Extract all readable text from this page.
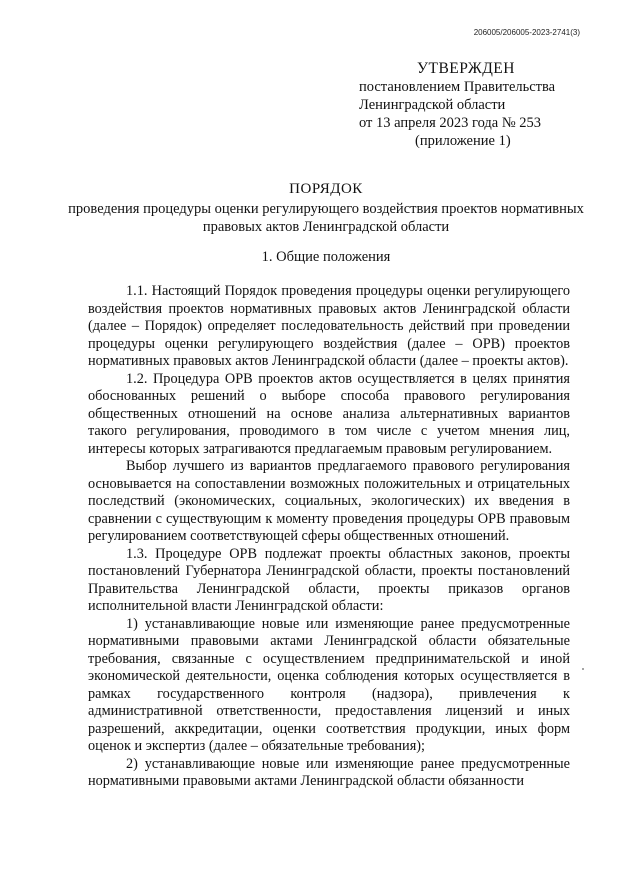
206005/206005-2023-2741(3)
УТВЕРЖДЕН
постановлением Правительства
Ленинградской области
от 13 апреля 2023 года № 253
(приложение 1)
ПОРЯДОК
проведения процедуры оценки регулирующего воздействия проектов нормативных правовых актов Ленинградской области
1. Общие положения

1.1. Настоящий Порядок проведения процедуры оценки регулирующего воздействия проектов нормативных правовых актов Ленинградской области (далее – Порядок) определяет последовательность действий при проведении процедуры оценки регулирующего воздействия (далее – ОРВ) проектов нормативных правовых актов Ленинградской области (далее – проекты актов).

1.2. Процедура ОРВ проектов актов осуществляется в целях принятия обоснованных решений о выборе способа правового регулирования общественных отношений на основе анализа альтернативных вариантов такого регулирования, проводимого в том числе с учетом мнения лиц, интересы которых затрагиваются предлагаемым правовым регулированием.

Выбор лучшего из вариантов предлагаемого правового регулирования основывается на сопоставлении возможных положительных и отрицательных последствий (экономических, социальных, экологических) их введения в сравнении с существующим к моменту проведения процедуры ОРВ правовым регулированием соответствующей сферы общественных отношений.

1.3. Процедуре ОРВ подлежат проекты областных законов, проекты постановлений Губернатора Ленинградской области, проекты постановлений Правительства Ленинградской области, проекты приказов органов исполнительной власти Ленинградской области:

1) устанавливающие новые или изменяющие ранее предусмотренные нормативными правовыми актами Ленинградской области обязательные требования, связанные с осуществлением предпринимательской и иной экономической деятельности, оценка соблюдения которых осуществляется в рамках государственного контроля (надзора), привлечения к административной ответственности, предоставления лицензий и иных разрешений, аккредитации, оценки соответствия продукции, иных форм оценок и экспертиз (далее – обязательные требования);

2) устанавливающие новые или изменяющие ранее предусмотренные нормативными правовыми актами Ленинградской области обязанности
